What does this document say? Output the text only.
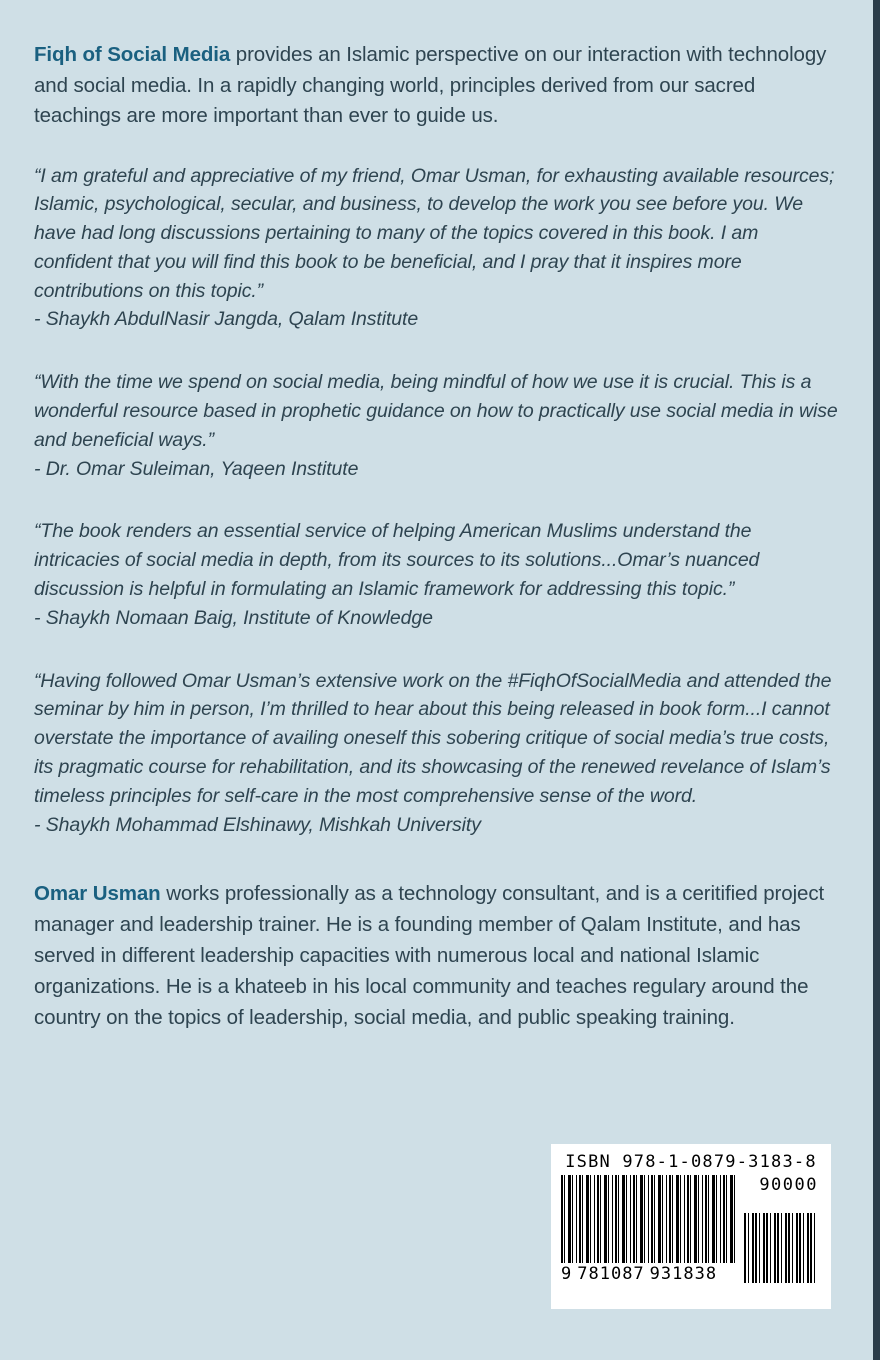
Fiqh of Social Media provides an Islamic perspective on our interaction with technology and social media. In a rapidly changing world, principles derived from our sacred teachings are more important than ever to guide us.

“I am grateful and appreciative of my friend, Omar Usman, for exhausting available resources; Islamic, psychological, secular, and business, to develop the work you see before you. We have had long discussions pertaining to many of the topics covered in this book. I am confident that you will find this book to be beneficial, and I pray that it inspires more contributions on this topic.”

- Shaykh AbdulNasir Jangda, Qalam Institute

“With the time we spend on social media, being mindful of how we use it is crucial. This is a wonderful resource based in prophetic guidance on how to practically use social media in wise and beneficial ways.”

- Dr. Omar Suleiman, Yaqeen Institute

“The book renders an essential service of helping American Muslims understand the intricacies of social media in depth, from its sources to its solutions...Omar’s nuanced discussion is helpful in formulating an Islamic framework for addressing this topic.”

- Shaykh Nomaan Baig, Institute of Knowledge

“Having followed Omar Usman’s extensive work on the #FiqhOfSocialMedia and attended the seminar by him in person, I’m thrilled to hear about this being released in book form...I cannot overstate the importance of availing oneself this sobering critique of social media’s true costs, its pragmatic course for rehabilitation, and its showcasing of the renewed revelance of Islam’s timeless principles for self-care in the most comprehensive sense of the word.

- Shaykh Mohammad Elshinawy, Mishkah University

Omar Usman works professionally as a technology consultant, and is a ceritified project manager and leadership trainer. He is a founding member of Qalam Institute, and has served in different leadership capacities with numerous local and national Islamic organizations. He is a khateeb in his local community and teaches regulary around the country on the topics of leadership, social media, and public speaking training.

ISBN 978-1-0879-3183-8

9 781087 931838

90000
